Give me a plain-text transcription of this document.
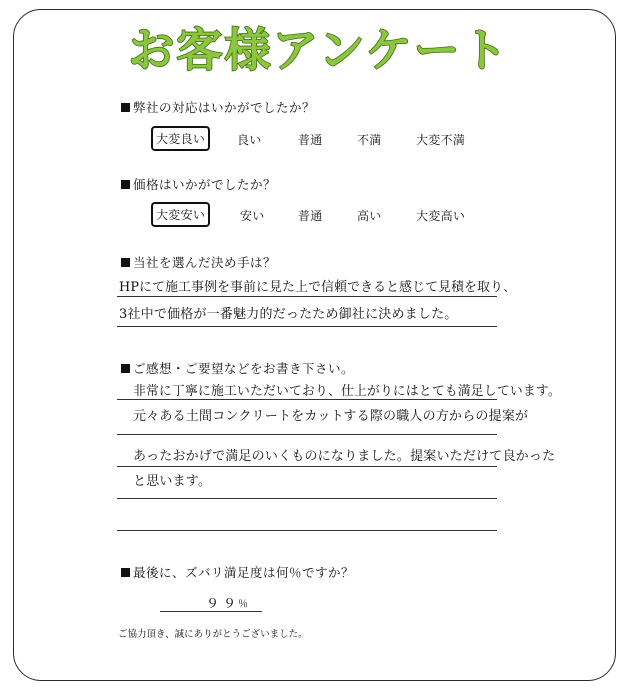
お客様アンケート
弊社の対応はいかがでしたか？
大変良い	良い	普通	不満	大変不満
価格はいかがでしたか？
大変安い	安い	普通	高い	大変高い
当社を選んだ決め手は？
HPにて施工事例を事前に見た上で信頼できると感じて見積を取り、
3社中で価格が一番魅力的だったため御社に決めました。
ご感想・ご要望などをお書き下さい。
非常に丁寧に施工いただいており、仕上がりにはとても満足しています。
元々ある土間コンクリートをカットする際の職人の方からの提案が
あったおかげで満足のいくものになりました。提案いただけて良かった
と思います。
最後に、ズバリ満足度は何％ですか？
９９
％
ご協力頂き、誠にありがとうございました。
